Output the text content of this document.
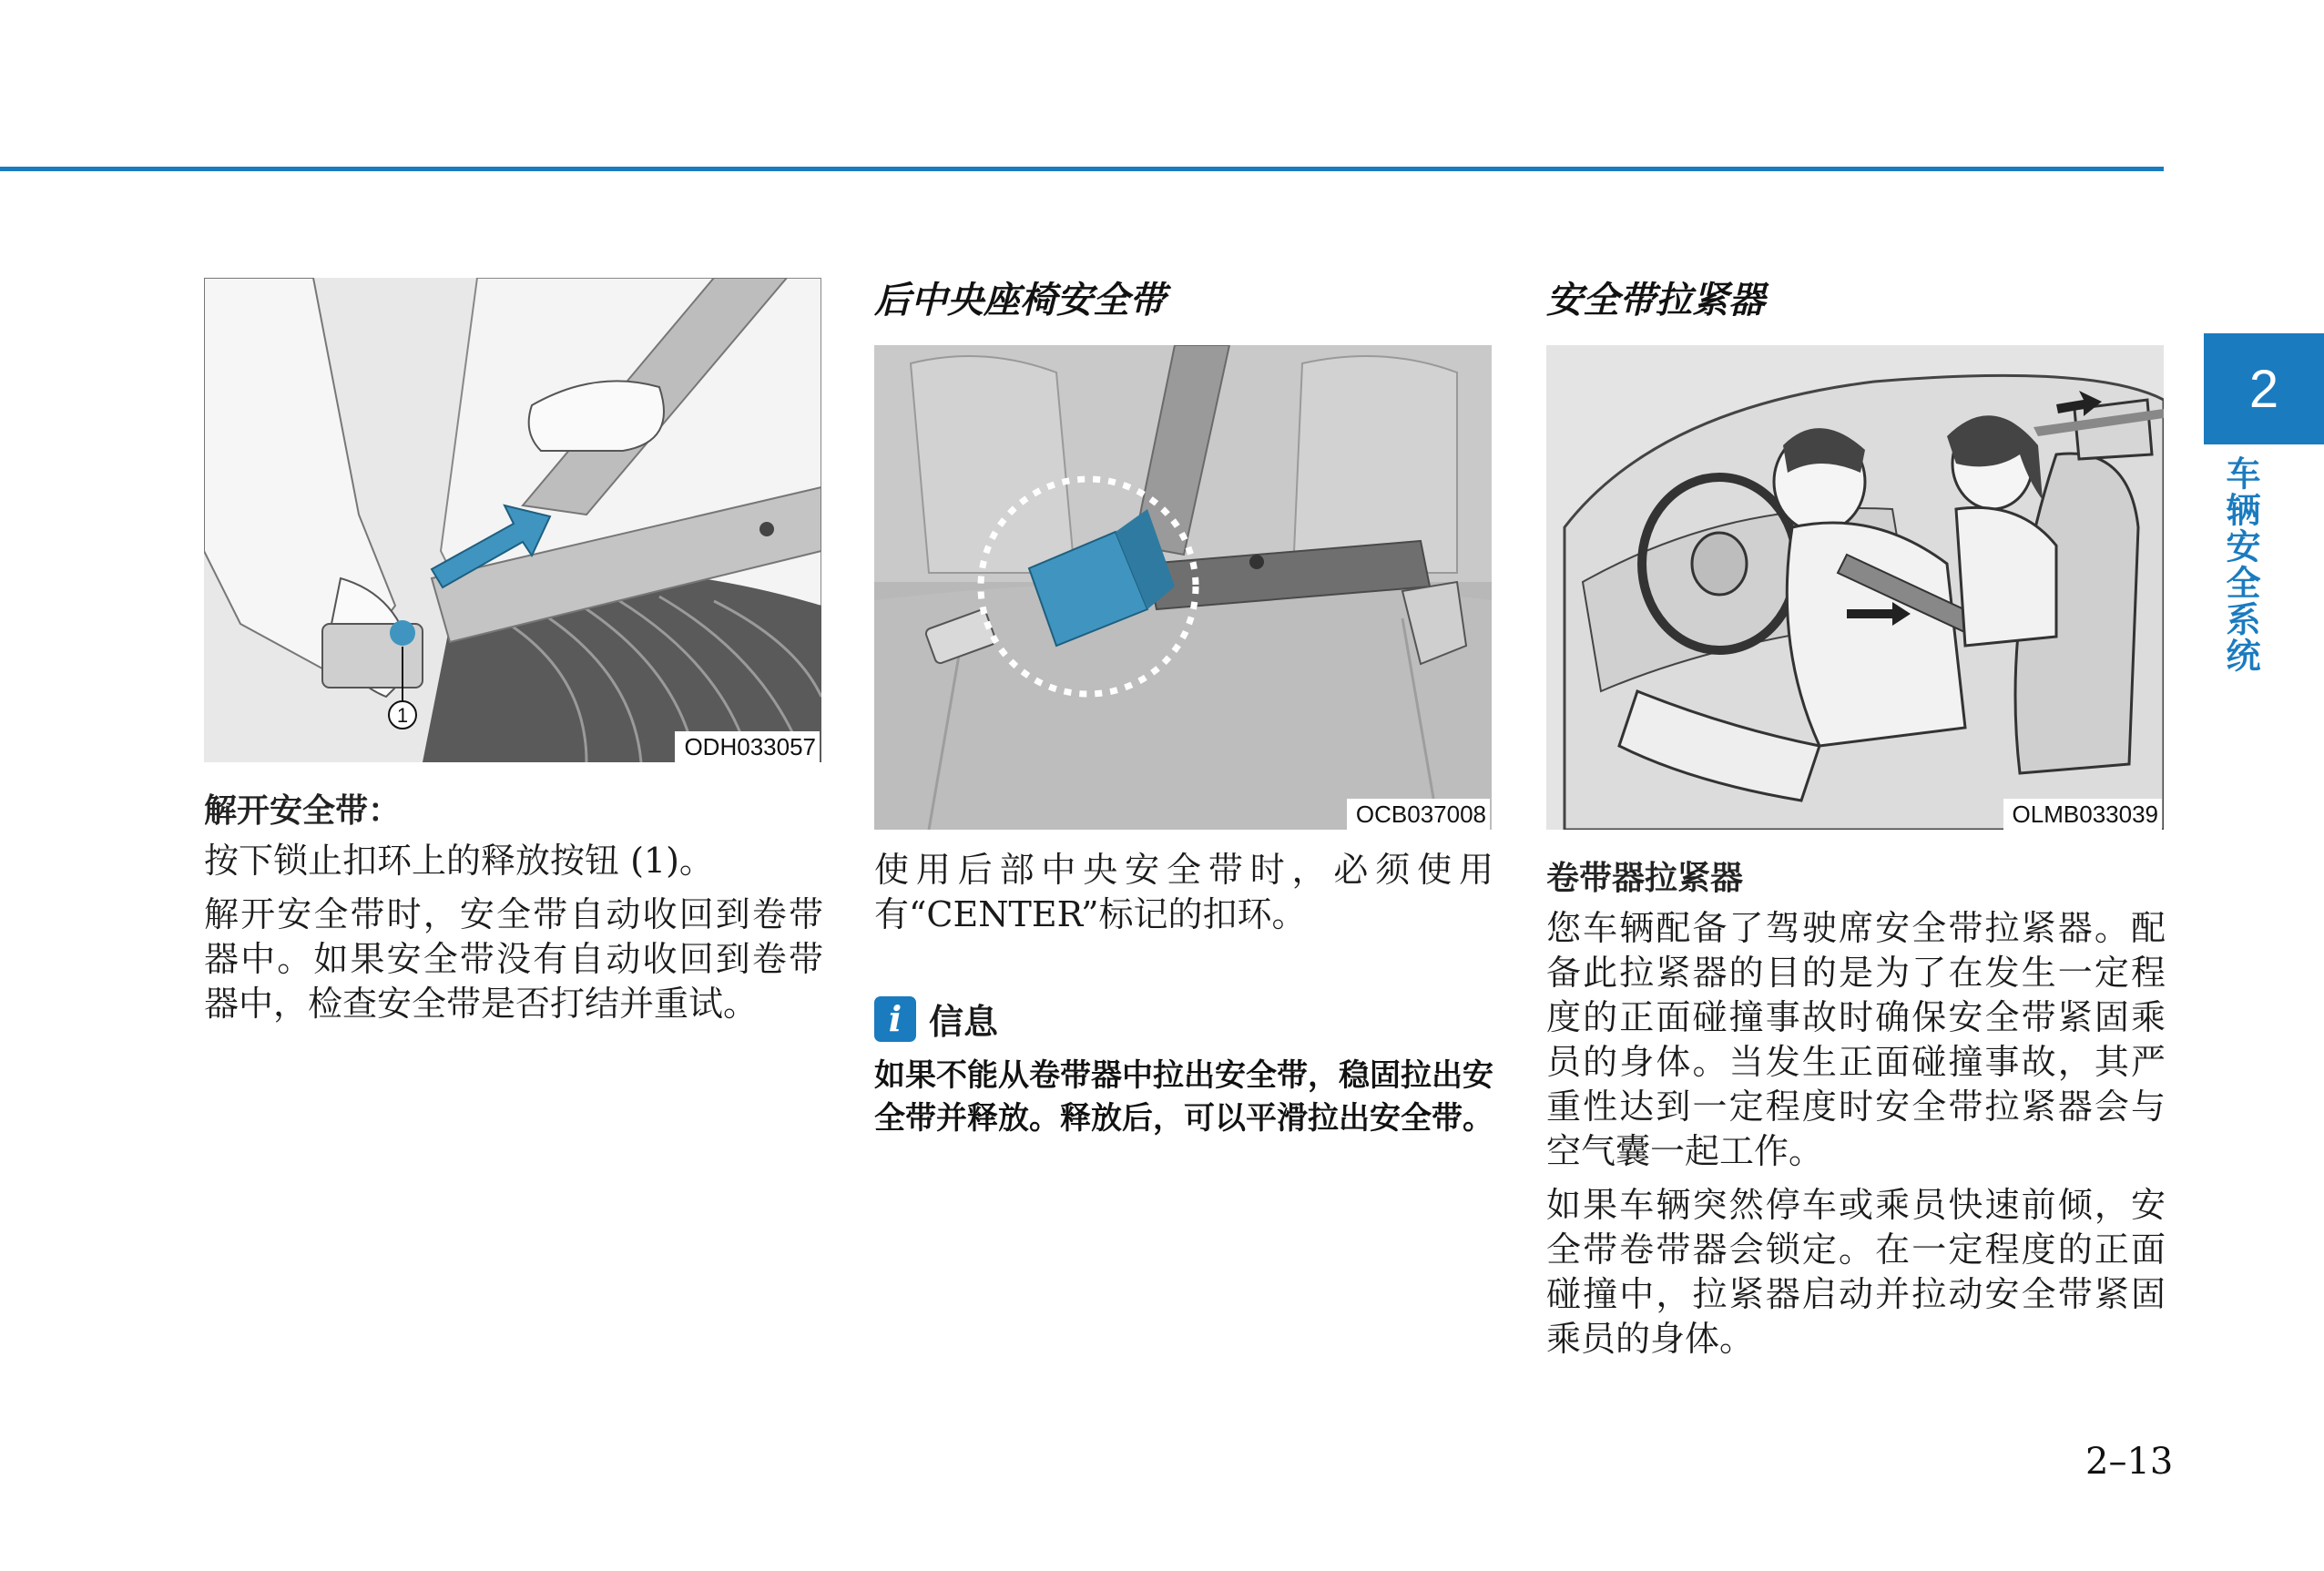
1
ODH033057
解开安全带：

按下锁止扣环上的释放按钮 (1)。

解开安全带时，安全带自动收回到卷带器中。如果安全带没有自动收回到卷带器中，检查安全带是否打结并重试。

后中央座椅安全带
OCB037008

使用后部中央安全带时，必须使用有“CENTER”标记的扣环。

i 信息
如果不能从卷带器中拉出安全带，稳固拉出安全带并释放。释放后，可以平滑拉出安全带。
安全带拉紧器
OLMB033039
卷带器拉紧器

您车辆配备了驾驶席安全带拉紧器。配备此拉紧器的目的是为了在发生一定程度的正面碰撞事故时确保安全带紧固乘员的身体。当发生正面碰撞事故，其严重性达到一定程度时安全带拉紧器会与空气囊一起工作。

如果车辆突然停车或乘员快速前倾，安全带卷带器会锁定。在一定程度的正面碰撞中，拉紧器启动并拉动安全带紧固乘员的身体。

2
车辆安全系统
2–13
